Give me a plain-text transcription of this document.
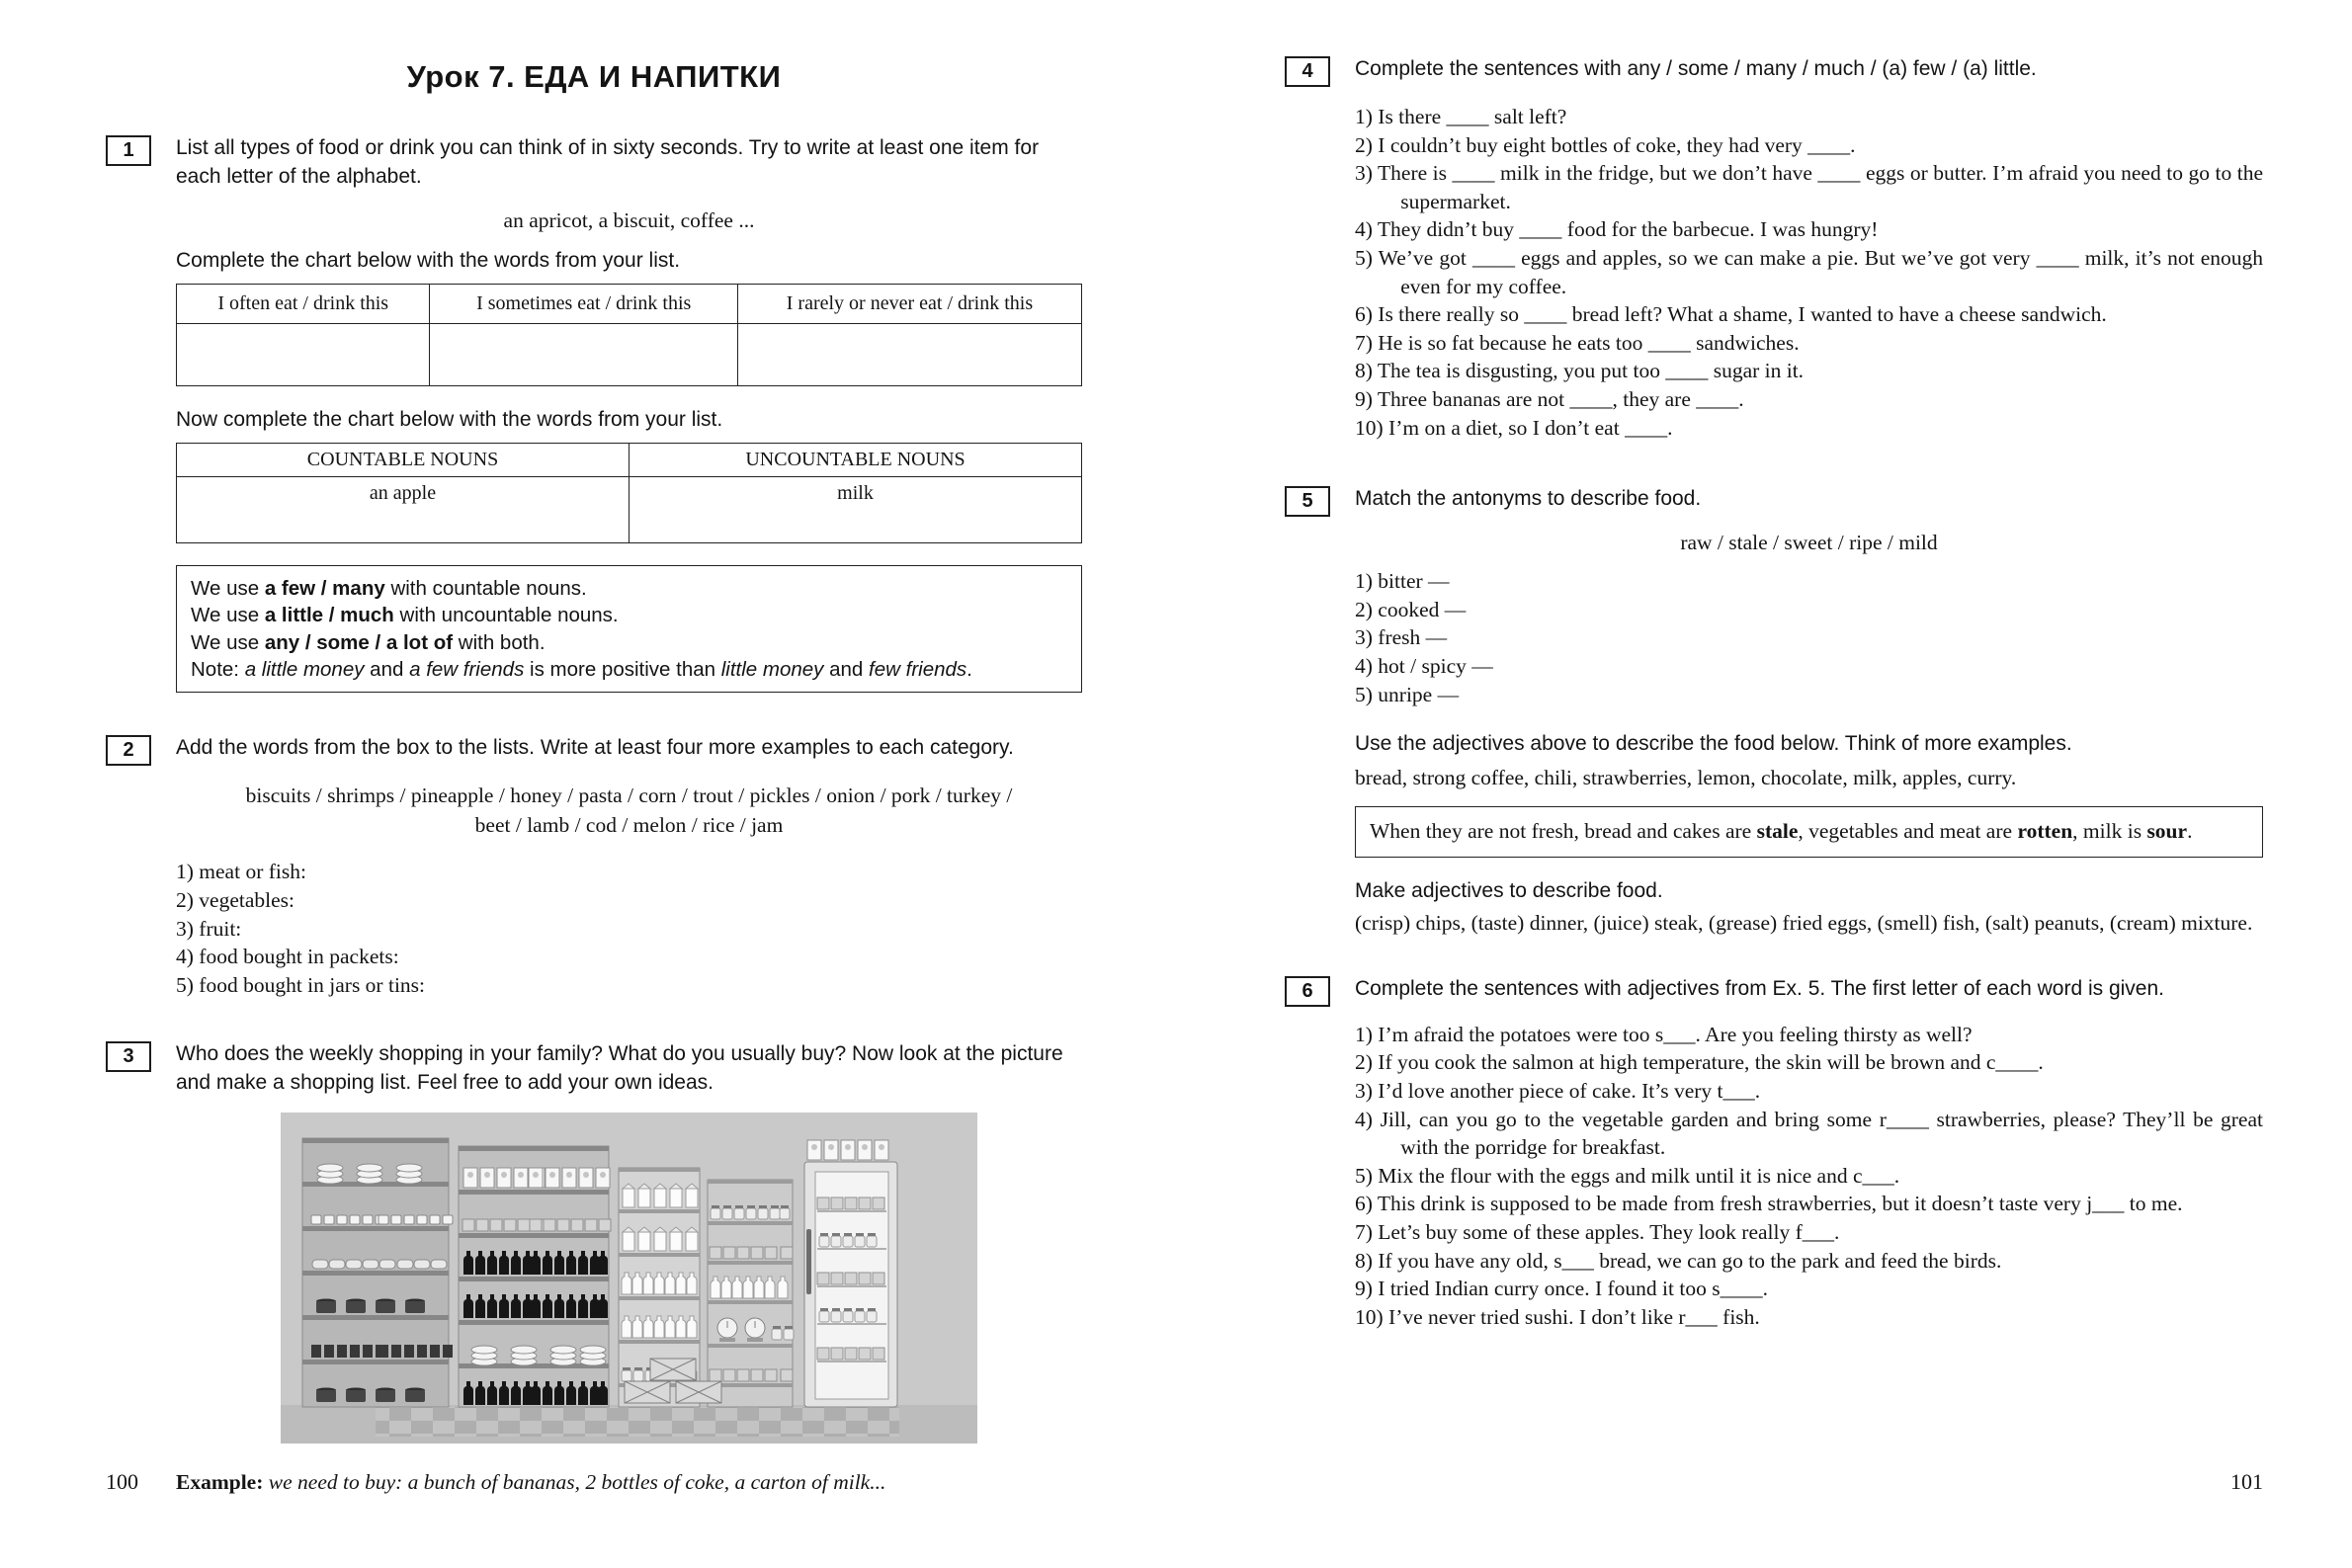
Урок 7. ЕДА И НАПИТКИ
1	List all types of food or drink you can think of in sixty seconds. Try to write at least one item for each letter of the alphabet.

an apricot, a biscuit, coffee ...

Complete the chart below with the words from your list.

I often eat / drink this	I sometimes eat / drink this	I rarely or never eat / drink this

Now complete the chart below with the words from your list.

COUNTABLE NOUNS	UNCOUNTABLE NOUNS
an apple	milk

We use a few / many with countable nouns.

We use a little / much with uncountable nouns.

We use any / some / a lot of with both.

Note: a little money and a few friends is more positive than little money and few friends.

2	Add the words from the box to the lists. Write at least four more examples to each category.

biscuits / shrimps / pineapple / honey / pasta / corn / trout / pickles / onion / pork / turkey / beet / lamb / cod / melon / rice / jam

1) meat or fish:

2) vegetables:

3) fruit:

4) food bought in packets:

5) food bought in jars or tins:

3	Who does the weekly shopping in your family? What do you usually buy? Now look at the picture and make a shopping list. Feel free to add your own ideas.

Example: we need to buy: a bunch of bananas, 2 bottles of coke, a carton of milk...

100
4	Complete the sentences with any / some / many / much / (a) few / (a) little.

1) Is there ____ salt left?

2) I couldn’t buy eight bottles of coke, they had very ____.

3) There is ____ milk in the fridge, but we don’t have ____ eggs or butter. I’m afraid you need to go to the supermarket.

4) They didn’t buy ____ food for the barbecue. I was hungry!

5) We’ve got ____ eggs and apples, so we can make a pie. But we’ve got very ____ milk, it’s not enough even for my coffee.

6) Is there really so ____ bread left? What a shame, I wanted to have a cheese sandwich.

7) He is so fat because he eats too ____ sandwiches.

8) The tea is disgusting, you put too ____ sugar in it.

9) Three bananas are not ____, they are ____.

10) I’m on a diet, so I don’t eat ____.

5	Match the antonyms to describe food.

raw / stale / sweet / ripe / mild

1) bitter —

2) cooked —

3) fresh —

4) hot / spicy —

5) unripe —

Use the adjectives above to describe the food below. Think of more examples.

bread, strong coffee, chili, strawberries, lemon, chocolate, milk, apples, curry.

When they are not fresh, bread and cakes are stale, vegetables and meat are rotten, milk is sour.

Make adjectives to describe food.

(crisp) chips, (taste) dinner, (juice) steak, (grease) fried eggs, (smell) fish, (salt) peanuts, (cream) mixture.

6	Complete the sentences with adjectives from Ex. 5. The first letter of each word is given.

1) I’m afraid the potatoes were too s___. Are you feeling thirsty as well?

2) If you cook the salmon at high temperature, the skin will be brown and c____.

3) I’d love another piece of cake. It’s very t___.

4) Jill, can you go to the vegetable garden and bring some r____ strawberries, please? They’ll be great with the porridge for breakfast.

5) Mix the flour with the eggs and milk until it is nice and c___.

6) This drink is supposed to be made from fresh strawberries, but it doesn’t taste very j___ to me.

7) Let’s buy some of these apples. They look really f___.

8) If you have any old, s___ bread, we can go to the park and feed the birds.

9) I tried Indian curry once. I found it too s____.

10) I’ve never tried sushi. I don’t like r___ fish.

101
